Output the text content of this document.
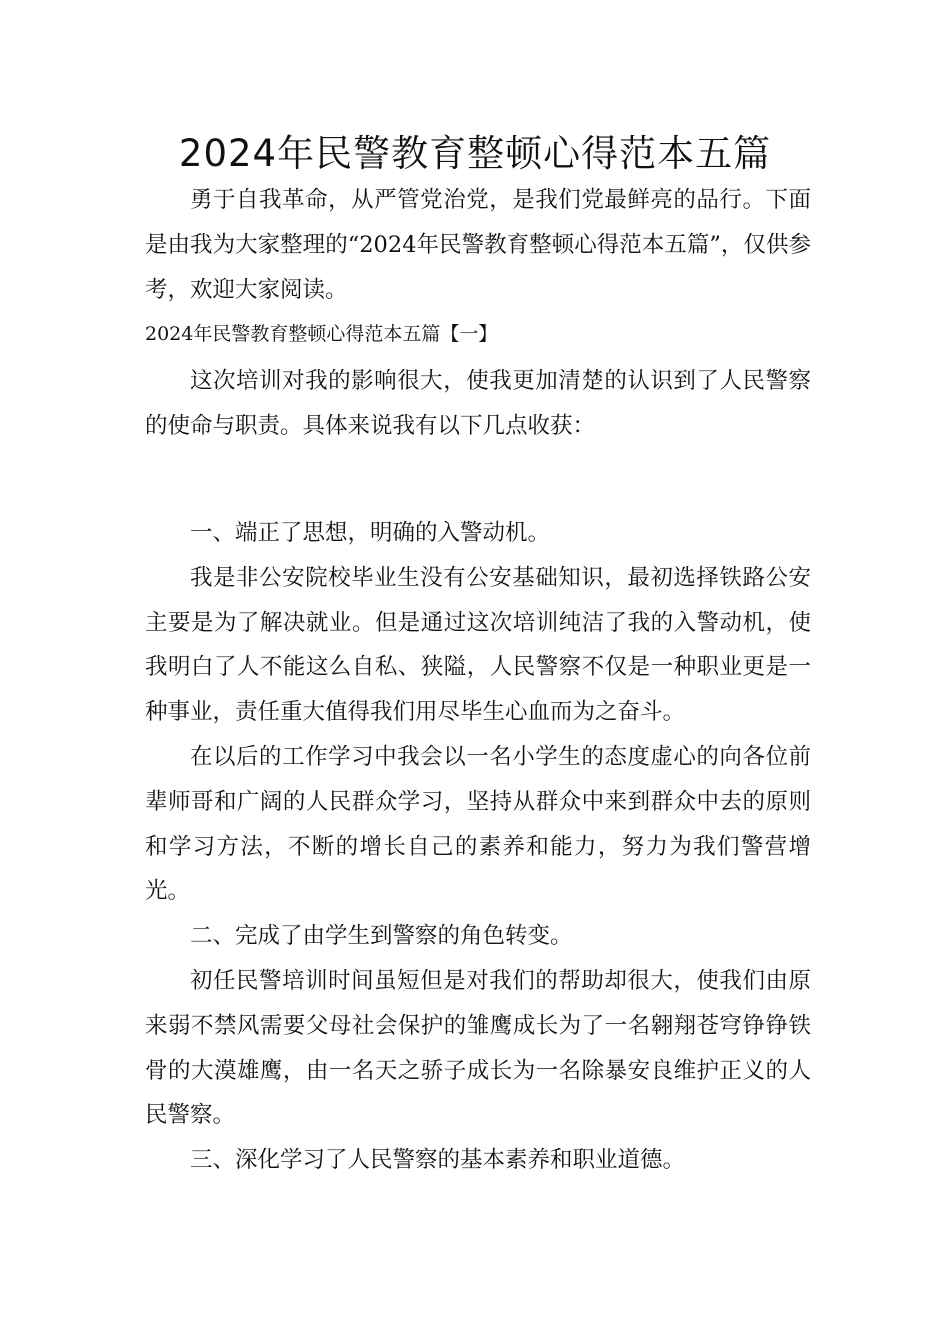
2024年民警教育整顿心得范本五篇

勇于自我革命，从严管党治党，是我们党最鲜亮的品行。下面是由我为大家整理的“2024年民警教育整顿心得范本五篇”，仅供参考，欢迎大家阅读。

2024年民警教育整顿心得范本五篇【一】

这次培训对我的影响很大，使我更加清楚的认识到了人民警察的使命与职责。具体来说我有以下几点收获：

一、端正了思想，明确的入警动机。

我是非公安院校毕业生没有公安基础知识，最初选择铁路公安主要是为了解决就业。但是通过这次培训纯洁了我的入警动机，使我明白了人不能这么自私、狭隘，人民警察不仅是一种职业更是一种事业，责任重大值得我们用尽毕生心血而为之奋斗。

在以后的工作学习中我会以一名小学生的态度虚心的向各位前辈师哥和广阔的人民群众学习，坚持从群众中来到群众中去的原则和学习方法，不断的增长自己的素养和能力，努力为我们警营增光。

二、完成了由学生到警察的角色转变。

初任民警培训时间虽短但是对我们的帮助却很大，使我们由原来弱不禁风需要父母社会保护的雏鹰成长为了一名翱翔苍穹铮铮铁骨的大漠雄鹰，由一名天之骄子成长为一名除暴安良维护正义的人民警察。

三、深化学习了人民警察的基本素养和职业道德。
